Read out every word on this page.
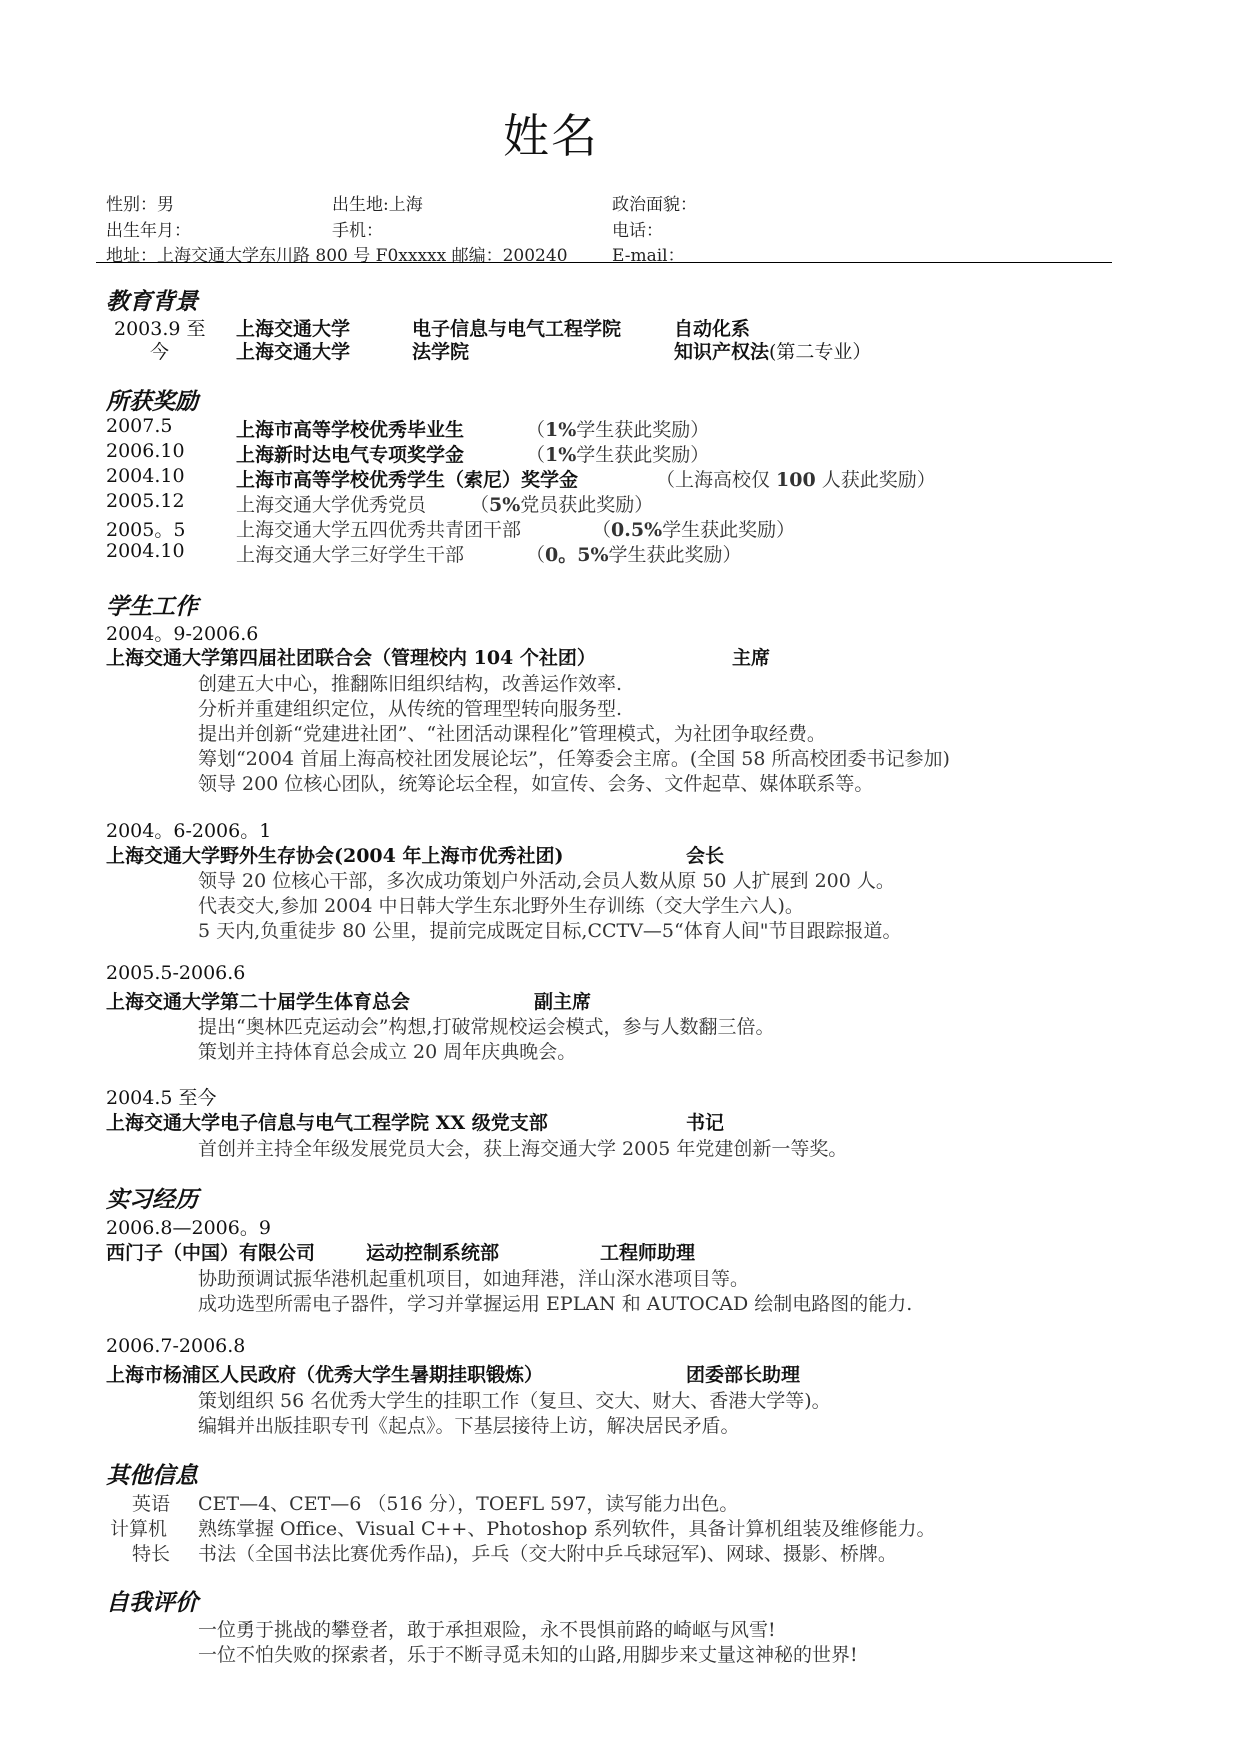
姓名
性别：男	出生地:上海	政治面貌：
出生年月：	手机：	电话：
地址：上海交通大学东川路 800 号 F0xxxxx 邮编：200240	E-mail：
教育背景
2003.9 至
今
上海交通大学	电子信息与电气工程学院	自动化系
上海交通大学	法学院	知识产权法(第二专业）
所获奖励
2007.5	上海市高等学校优秀毕业生	（1%学生获此奖励）
2006.10	上海新时达电气专项奖学金	（1%学生获此奖励）
2004.10	上海市高等学校优秀学生（索尼）奖学金	（上海高校仅 100 人获此奖励）
2005.12	上海交通大学优秀党员 （5%党员获此奖励）
2005。5	上海交通大学五四优秀共青团干部	（0.5%学生获此奖励）
2004.10	上海交通大学三好学生干部	（0。5%学生获此奖励）
学生工作
2004。9-2006.6
上海交通大学第四届社团联合会（管理校内 104 个社团）	主席
创建五大中心，推翻陈旧组织结构，改善运作效率.
分析并重建组织定位，从传统的管理型转向服务型.
提出并创新“党建进社团”、“社团活动课程化”管理模式，为社团争取经费。
筹划“2004 首届上海高校社团发展论坛”，任筹委会主席。(全国 58 所高校团委书记参加)
领导 200 位核心团队，统筹论坛全程，如宣传、会务、文件起草、媒体联系等。
2004。6-2006。1
上海交通大学野外生存协会(2004 年上海市优秀社团)	会长
领导 20 位核心干部，多次成功策划户外活动,会员人数从原 50 人扩展到 200 人。
代表交大,参加 2004 中日韩大学生东北野外生存训练（交大学生六人)。
5 天内,负重徒步 80 公里，提前完成既定目标,CCTV—5“体育人间"节目跟踪报道。
2005.5-2006.6
上海交通大学第二十届学生体育总会	副主席
提出“奥林匹克运动会”构想,打破常规校运会模式，参与人数翻三倍。
策划并主持体育总会成立 20 周年庆典晚会。
2004.5 至今
上海交通大学电子信息与电气工程学院 XX 级党支部	书记
首创并主持全年级发展党员大会，获上海交通大学 2005 年党建创新一等奖。
实习经历
2006.8—2006。9
西门子（中国）有限公司	运动控制系统部	工程师助理
协助预调试振华港机起重机项目，如迪拜港，洋山深水港项目等。
成功选型所需电子器件，学习并掌握运用 EPLAN 和 AUTOCAD 绘制电路图的能力.
2006.7-2006.8
上海市杨浦区人民政府（优秀大学生暑期挂职锻炼）	团委部长助理
策划组织 56 名优秀大学生的挂职工作（复旦、交大、财大、香港大学等)。
编辑并出版挂职专刊《起点》。下基层接待上访，解决居民矛盾。
其他信息
英语 CET—4、CET—6 （516 分），TOEFL 597，读写能力出色。
计算机 熟练掌握 Office、Visual C++、Photoshop 系列软件，具备计算机组装及维修能力。
特长 书法（全国书法比赛优秀作品)，乒乓（交大附中乒乓球冠军)、网球、摄影、桥牌。
自我评价
一位勇于挑战的攀登者，敢于承担艰险，永不畏惧前路的崎岖与风雪!
一位不怕失败的探索者，乐于不断寻觅未知的山路,用脚步来丈量这神秘的世界!
